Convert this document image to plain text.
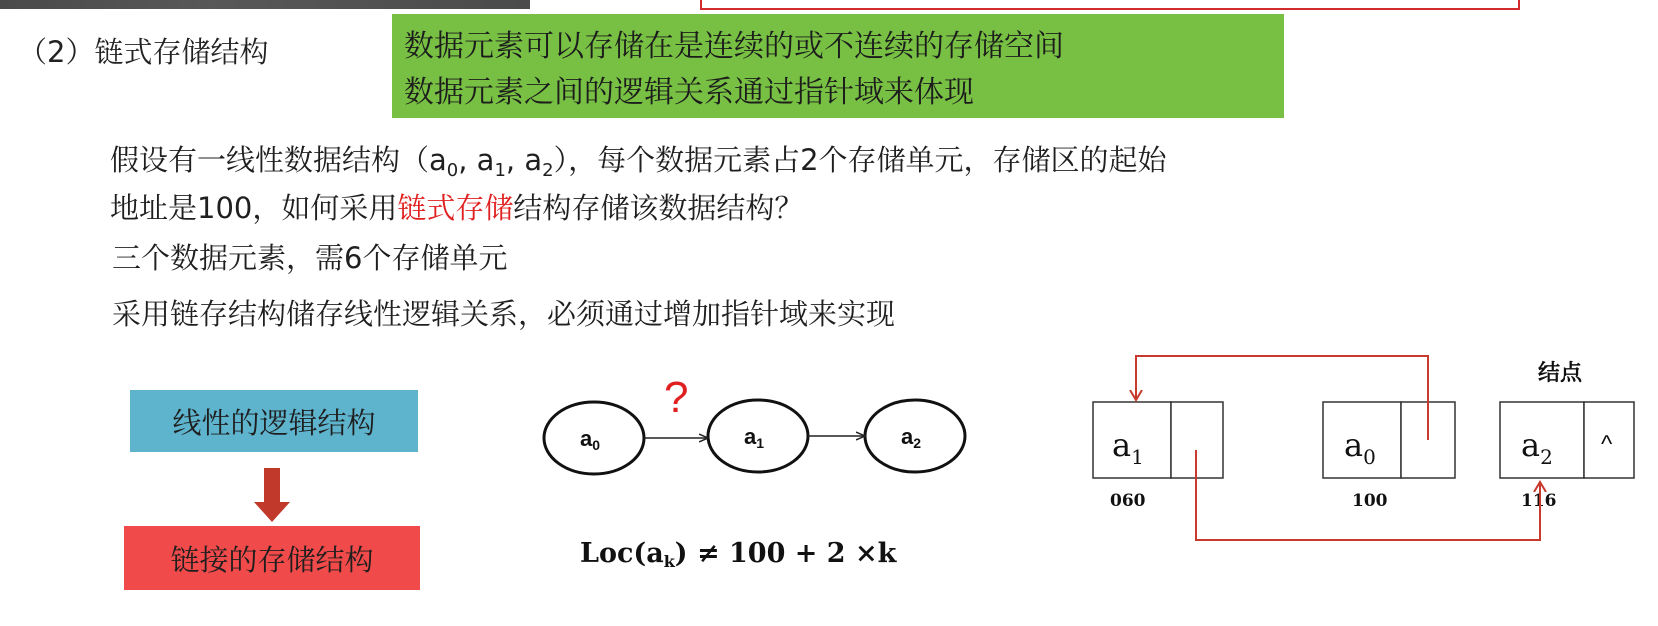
（2）链式存储结构	数据元素可以存储在是连续的或不连续的存储空间
数据元素之间的逻辑关系通过指针域来体现
假设有一线性数据结构（$a_0$, $a_1$, $a_2$），每个数据元素占2个存储单元，存储区的起始
地址是100，如何采用链式存储结构存储该数据结构？
三个数据元素，需6个存储单元
采用链存结构储存线性逻辑关系，必须通过增加指针域来实现
线性的逻辑结构
链接的存储结构	$Loc(a_k) \ne 100 + 2 \times k$
?
a0	a1	a2
结点
$a_1$
060
$a_0$
100
$a_2$
116
^
